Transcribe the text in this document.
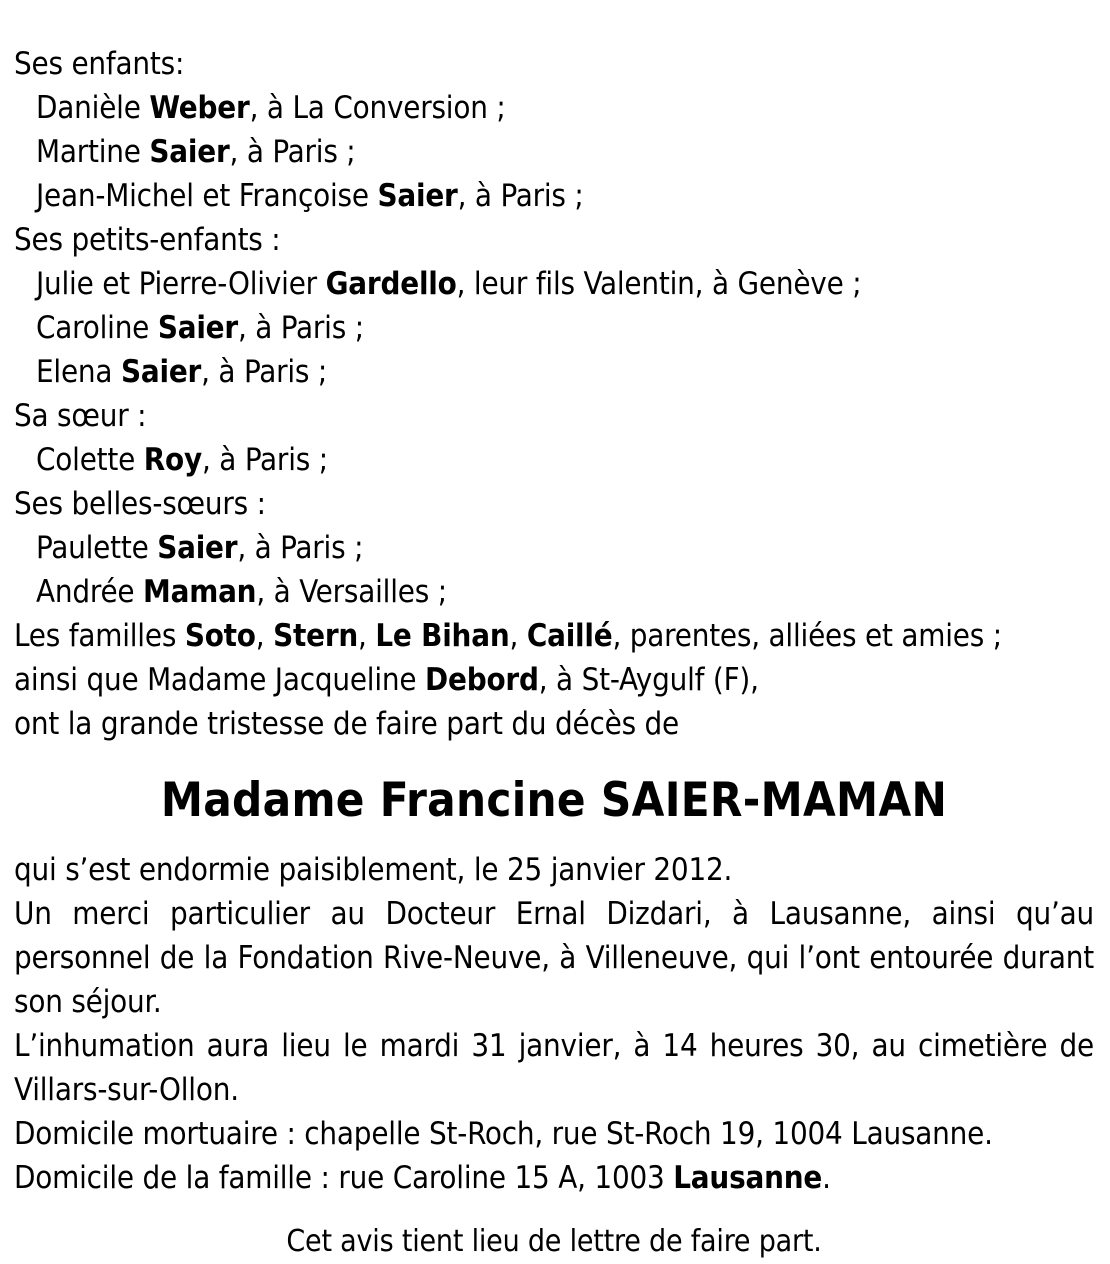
Ses enfants:
Danièle Weber, à La Conversion ;
Martine Saier, à Paris ;
Jean-Michel et Françoise Saier, à Paris ;
Ses petits-enfants :
Julie et Pierre-Olivier Gardello, leur fils Valentin, à Genève ;
Caroline Saier, à Paris ;
Elena Saier, à Paris ;
Sa sœur :
Colette Roy, à Paris ;
Ses belles-sœurs :
Paulette Saier, à Paris ;
Andrée Maman, à Versailles ;
Les familles Soto, Stern, Le Bihan, Caillé, parentes, alliées et amies ;
ainsi que Madame Jacqueline Debord, à St-Aygulf (F),
ont la grande tristesse de faire part du décès de
Madame Francine SAIER-MAMAN
qui s’est endormie paisiblement, le 25 janvier 2012.
Un merci particulier au Docteur Ernal Dizdari, à Lausanne, ainsi qu’au personnel de la Fondation Rive-Neuve, à Villeneuve, qui l’ont entourée durant son séjour.
L’inhumation aura lieu le mardi 31 janvier, à 14 heures 30, au cimetière de Villars-sur-Ollon.
Domicile mortuaire : chapelle St-Roch, rue St-Roch 19, 1004 Lausanne.
Domicile de la famille : rue Caroline 15 A, 1003 Lausanne.
Cet avis tient lieu de lettre de faire part.
